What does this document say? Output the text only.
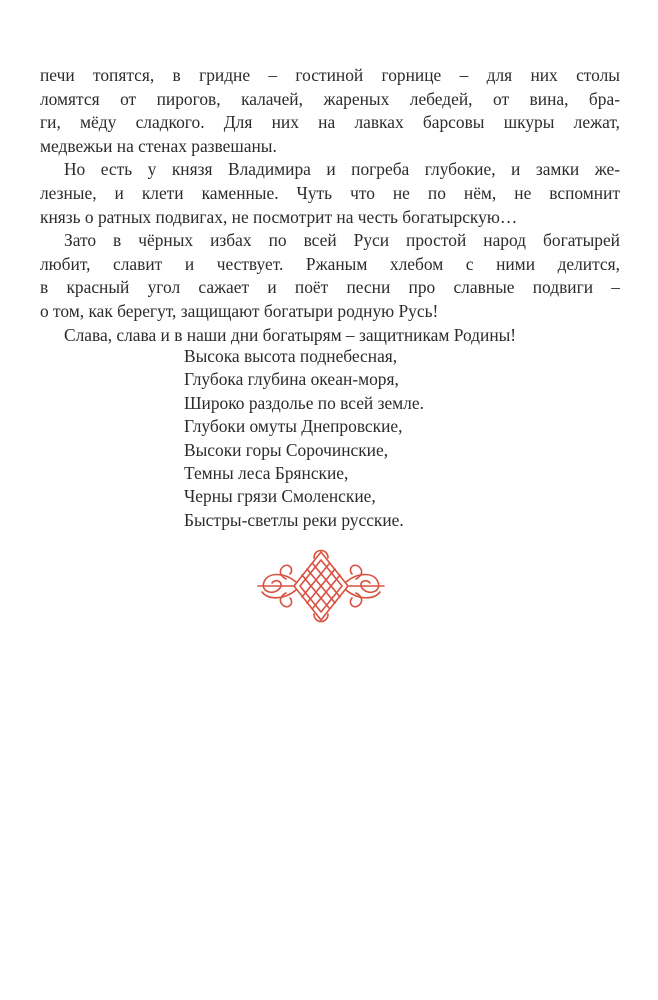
печи топятся, в гридне – гостиной горнице – для них столы
ломятся от пирогов, калачей, жареных лебедей, от вина, бра-
ги, мёду сладкого. Для них на лавках барсовы шкуры лежат,
медвежьи на стенах развешаны.
Но есть у князя Владимира и погреба глубокие, и замки же-
лезные, и клети каменные. Чуть что не по нём, не вспомнит
князь о ратных подвигах, не посмотрит на честь богатырскую…
Зато в чёрных избах по всей Руси простой народ богатырей
любит, славит и чествует. Ржаным хлебом с ними делится,
в красный угол сажает и поёт песни про славные подвиги –
о том, как берегут, защищают богатыри родную Русь!
Слава, слава и в наши дни богатырям – защитникам Родины!
Высока высота поднебесная,
Глубока глубина океан-моря,
Широко раздолье по всей земле.
Глубоки омуты Днепровские,
Высоки горы Сорочинские,
Темны леса Брянские,
Черны грязи Смоленские,
Быстры-светлы реки русские.
